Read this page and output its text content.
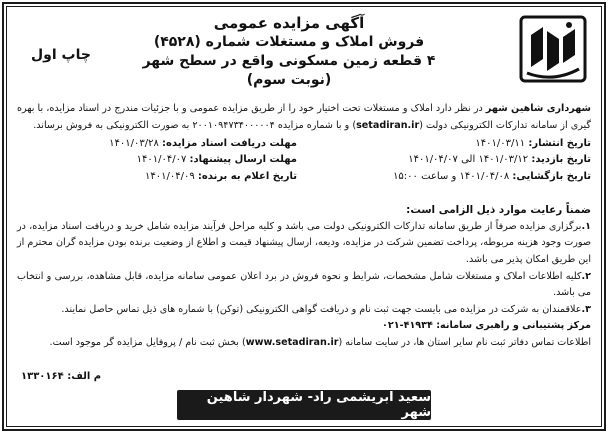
آگهی مزایده عمومی
فروش املاک و مستغلات شماره (۴۵۲۸)
۴ قطعه زمین مسکونی واقع در سطح شهر (نوبت سوم)
چاپ اول

شهرداری شاهین شهر در نظر دارد املاک و مستغلات تحت اختیار خود را از طریق مزایده عمومی و با جزئیات مندرج در اسناد مزایده، با بهره گیری از سامانه تدارکات الکترونیکی دولت (setadiran.ir) و با شماره مزایده ۲۰۰۱۰۹۴۷۳۴۰۰۰۰۰۴ به صورت الکترونیکی به فروش برساند.

تاریخ انتشار: ۱۴۰۱/۰۳/۱۱
تاریخ بازدید: ۱۴۰۱/۰۳/۱۲ الی ۱۴۰۱/۰۴/۰۷
تاریخ بازگشایی: ۱۴۰۱/۰۴/۰۸ و ساعت ۱۵:۰۰
مهلت دریافت اسناد مزایده: ۱۴۰۱/۰۳/۲۸
مهلت ارسال پیشنهاد: ۱۴۰۱/۰۴/۰۷
تاریخ اعلام به برنده: ۱۴۰۱/۰۴/۰۹

ضمناً رعایت موارد ذیل الزامی است:

۱.برگزاری مزایده صرفاً از طریق سامانه تدارکات الکترونیکی دولت می باشد و کلیه مراحل فرآیند مزایده شامل خرید و دریافت اسناد مزایده، در صورت وجود هزینه مربوطه، پرداخت تضمین شرکت در مزایده، ودیعه، ارسال پیشنهاد قیمت و اطلاع از وضعیت برنده بودن مزایده گران محترم از این طریق امکان پذیر می باشد.

۲.کلیه اطلاعات املاک و مستغلات شامل مشخصات، شرایط و نحوه فروش در برد اعلان عمومی سامانه مزایده، قابل مشاهده، بررسی و انتخاب می باشد.

۳.علاقمندان به شرکت در مزایده می بایست جهت ثبت نام و دریافت گواهی الکترونیکی (توکن) با شماره های ذیل تماس حاصل نمایند.

مرکز پشتیبانی و راهبری سامانه: ۴۱۹۳۴-۰۲۱

اطلاعات تماس دفاتر ثبت نام سایر استان ها، در سایت سامانه (www.setadiran.ir) بخش ثبت نام / پروفایل مزایده گر موجود است.

م الف: ۱۳۳۰۱۶۴
سعید ابریشمی راد- شهردار شاهین شهر
